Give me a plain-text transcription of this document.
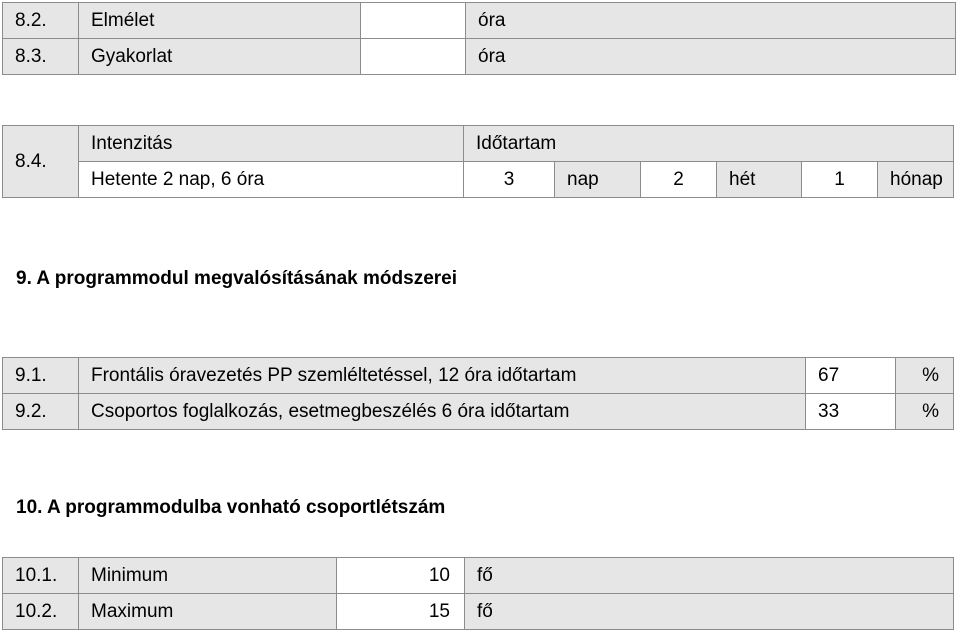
8.2.	Elmélet		óra
8.3.	Gyakorlat		óra
8.4.	Intenzitás	Időtartam					
	Hetente 2 nap, 6 óra	3	nap	2	hét	1	hónap
9. A programmodul megvalósításának módszerei
9.1.	Frontális óravezetés PP szemléltetéssel, 12 óra időtartam	67	%
9.2.	Csoportos foglalkozás, esetmegbeszélés 6 óra időtartam	33	%
10. A programmodulba vonható csoportlétszám
10.1.	Minimum	10	fő
10.2.	Maximum	15	fő
